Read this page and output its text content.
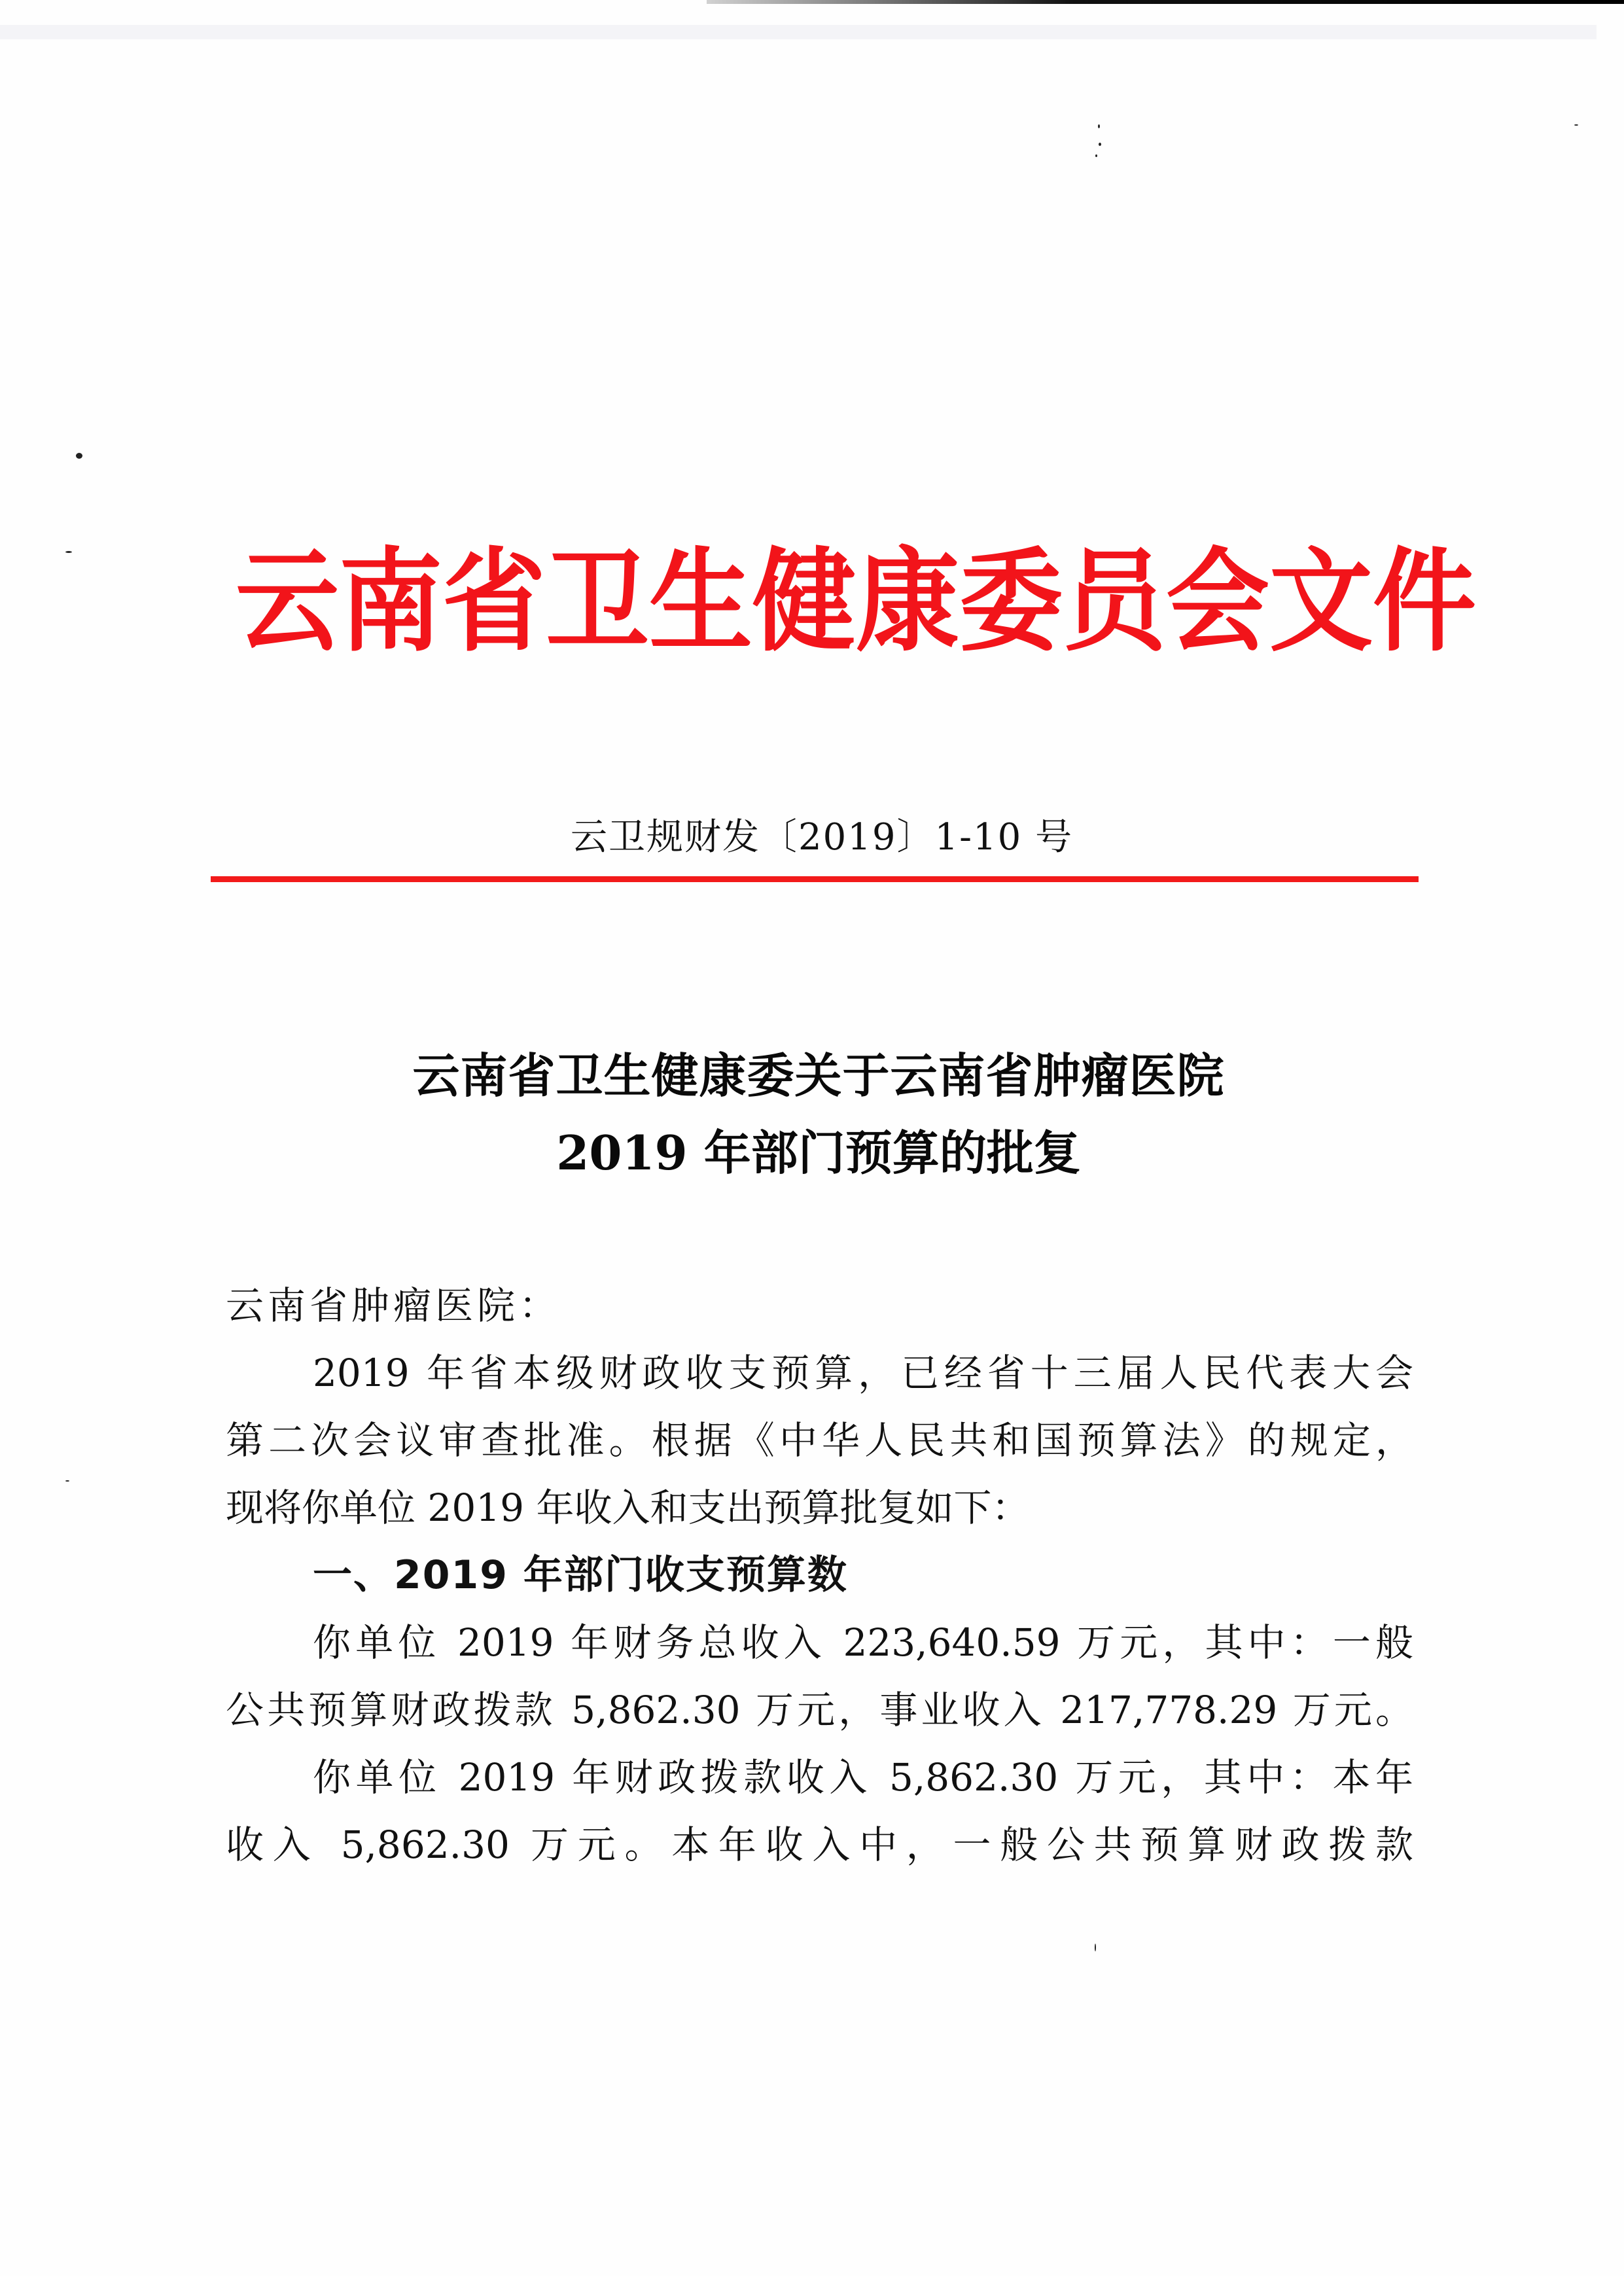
云 南 省 卫 生 健 康 委 员 会 文 件
云卫规财发〔2019〕1-10 号
云南省卫生健康委关于云南省肿瘤医院
2019 年部门预算的批复
云南省肿瘤医院：
2019 年省本级财政收支预算，已经省十三届人民代表大会
第二次会议审查批准。根据《中华人民共和国预算法》的规定，
现将你单位 2019 年收入和支出预算批复如下：
一、2019 年部门收支预算数
你单位 2019 年财务总收入 223,640.59 万元，其中：一般
公共预算财政拨款 5,862.30 万元，事业收入 217,778.29 万元。
你单位 2019 年财政拨款收入 5,862.30 万元，其中：本年
收入 5,862.30 万元。本年收入中，一般公共预算财政拨款
